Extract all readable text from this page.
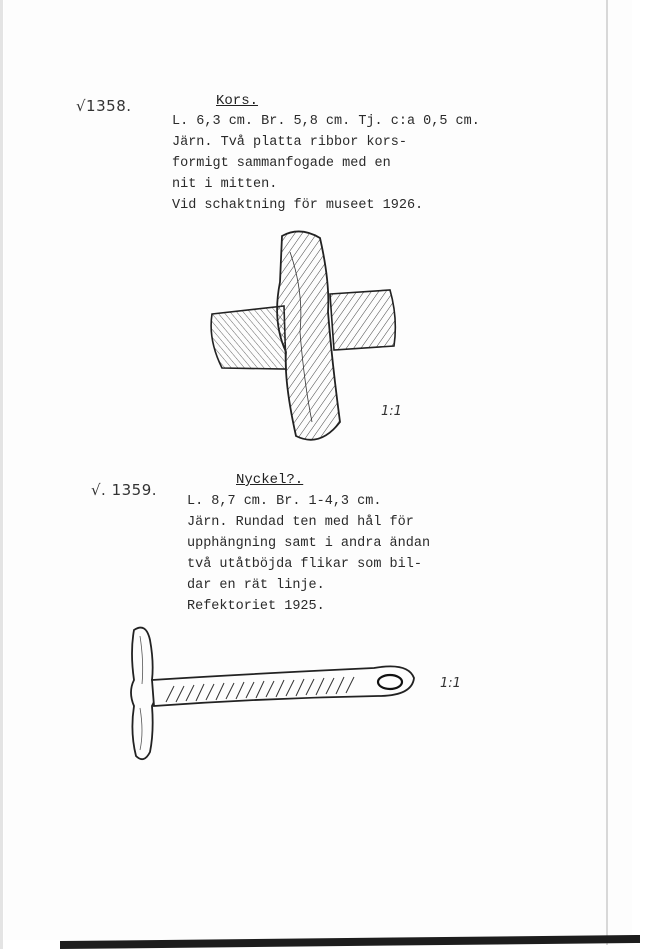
√1358.	Kors.
L. 6,3 cm. Br. 5,8 cm. Tj. c:a 0,5 cm.
Järn. Två platta ribbor kors-
formigt sammanfogade med en
nit i mitten.
Vid schaktning för museet 1926.
1:1
√. 1359.
Nyckel?.
L. 8,7 cm. Br. 1-4,3 cm.
Järn. Rundad ten med hål för
upphängning samt i andra ändan
två utåtböjda flikar som bil-
dar en rät linje.
Refektoriet 1925.
1:1
